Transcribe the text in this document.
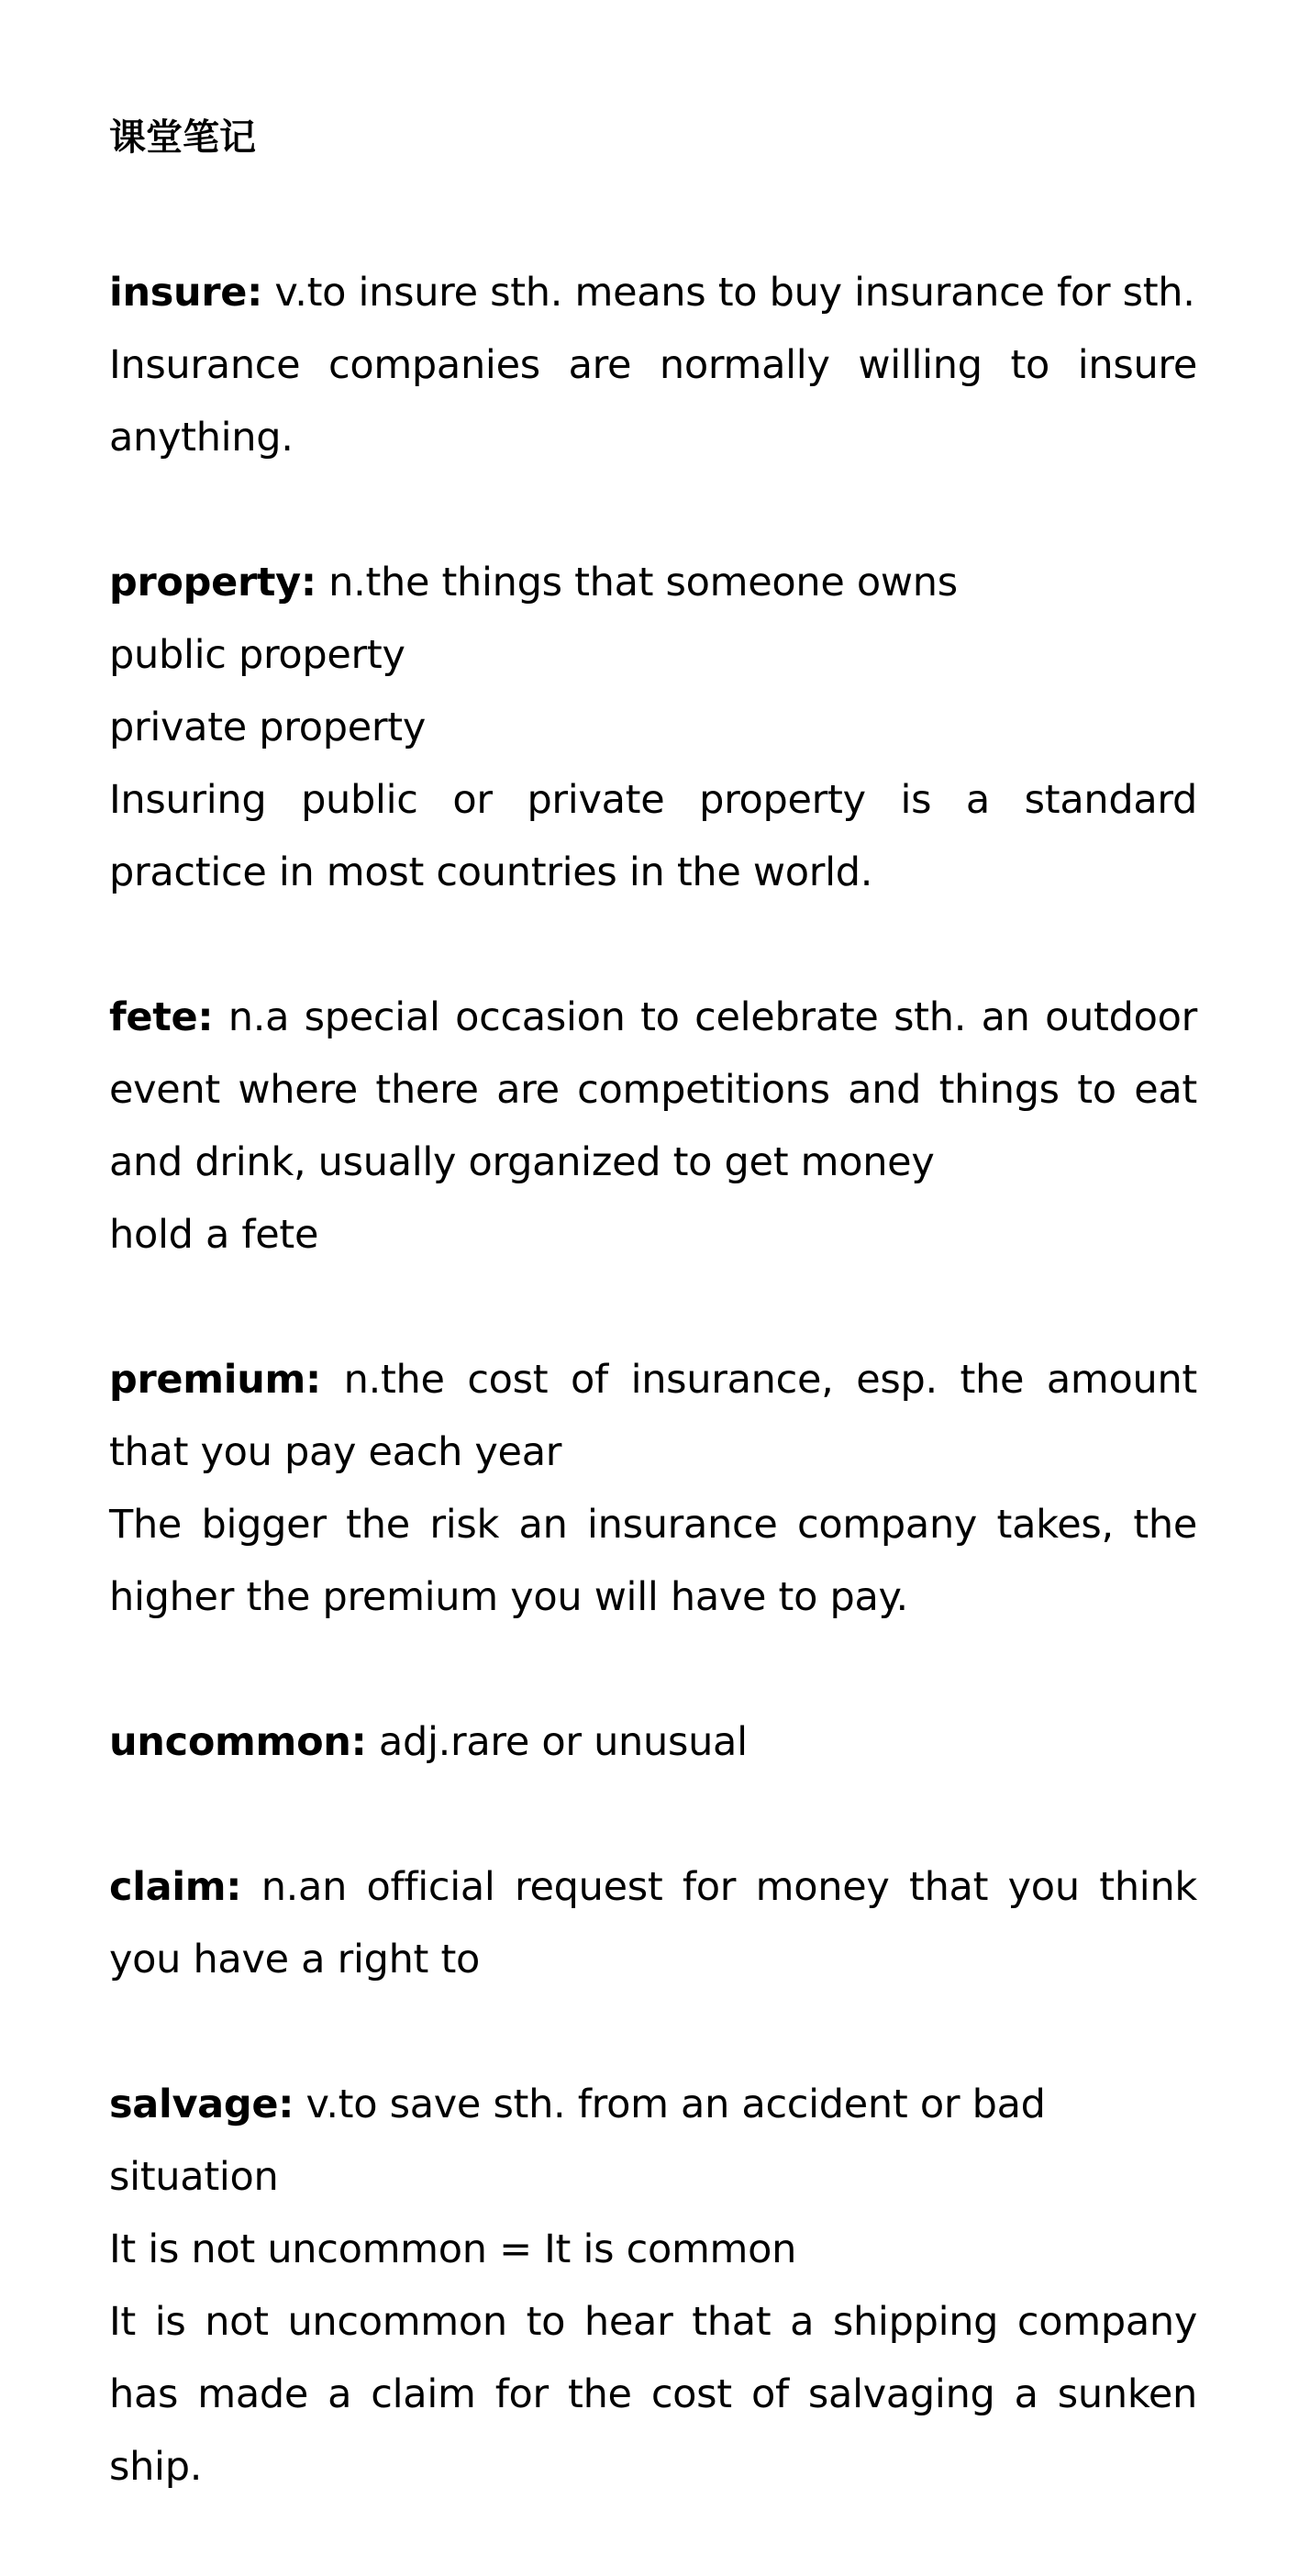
课堂笔记

insure: v.to insure sth. means to buy insurance for sth.

Insurance companies are normally willing to insure anything.

property: n.the things that someone owns

public property

private property

Insuring public or private property is a standard practice in most countries in the world.

fete: n.a special occasion to celebrate sth. an outdoor event where there are competitions and things to eat and drink, usually organized to get money

hold a fete

premium: n.the cost of insurance, esp. the amount that you pay each year

The bigger the risk an insurance company takes, the higher the premium you will have to pay.

uncommon: adj.rare or unusual

claim: n.an official request for money that you think you have a right to

salvage: v.to save sth. from an accident or bad situation

It is not uncommon = It is common

It is not uncommon to hear that a shipping company has made a claim for the cost of salvaging a sunken ship.
